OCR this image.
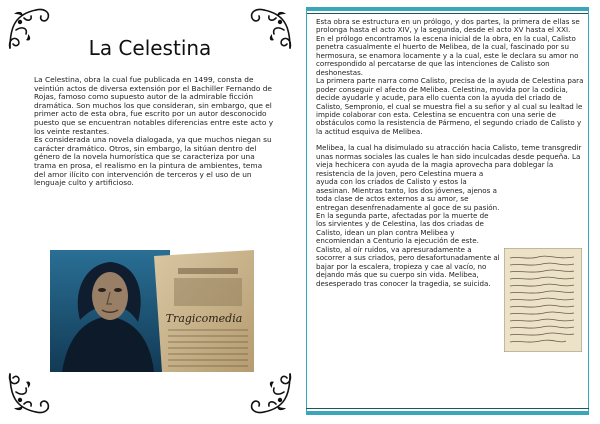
La Celestina

La Celestina, obra la cual fue publicada en 1499, consta de veintiún actos de diversa extensión por el Bachiller Fernando de Rojas, famoso como supuesto autor de la admirable ficción dramática. Son muchos los que consideran, sin embargo, que el primer acto de esta obra, fue escrito por un autor desconocido puesto que se encuentran notables diferencias entre este acto y los veinte restantes.

Es considerada una novela dialogada, ya que muchos niegan su carácter dramático. Otros, sin embargo, la sitúan dentro del género de la novela humorística que se caracteriza por una trama en prosa, el realismo en la pintura de ambientes, tema del amor ilícito con intervención de terceros y el uso de un lenguaje culto y artificioso.

Tragicomedia

Esta obra se estructura en un prólogo, y dos partes, la primera de ellas se prolonga hasta el acto XIV, y la segunda, desde el acto XV hasta el XXI.

En el prólogo encontramos la escena inicial de la obra, en la cual, Calisto penetra casualmente el huerto de Melibea, de la cual, fascinado por su hermosura, se enamora locamente y a la cual, este le declara su amor no correspondido al percatarse de que las intenciones de Calisto son deshonestas.

La primera parte narra como Calisto, precisa de la ayuda de Celestina para poder conseguir el afecto de Melibea. Celestina, movida por la codicia, decide ayudarle y acude, para ello cuenta con la ayuda del criado de Calisto, Sempronio, el cual se muestra fiel a su señor y al cual su lealtad le impide colaborar con esta. Celestina se encuentra con una serie de obstáculos como la resistencia de Pármeno, el segundo criado de Calisto y la actitud esquiva de Melibea.

Melibea, la cual ha disimulado su atracción hacia Calisto, teme transgredir unas normas sociales las cuales le han sido inculcadas desde pequeña. La vieja hechicera con ayuda de la magia aprovecha para doblegar la resistencia de la joven, pero Celestina muera a

ayuda con los criados de Calisto y estos la asesinan. Mientras tanto, los dos jóvenes, ajenos a toda clase de actos externos a su amor, se entregan desenfrenadamente al goce de su pasión.

En la segunda parte, afectadas por la muerte de los sirvientes y de Celestina, las dos criadas de Calisto, idean un plan contra Melibea y encomiendan a Centurio la ejecución de este. Calisto, al oír ruidos, va apresuradamente a socorrer a sus criados, pero desafortunadamente al bajar por la escalera, tropieza y cae al vacío, no dejando más que su cuerpo sin vida. Melibea, desesperado tras conocer la tragedia, se suicida.
